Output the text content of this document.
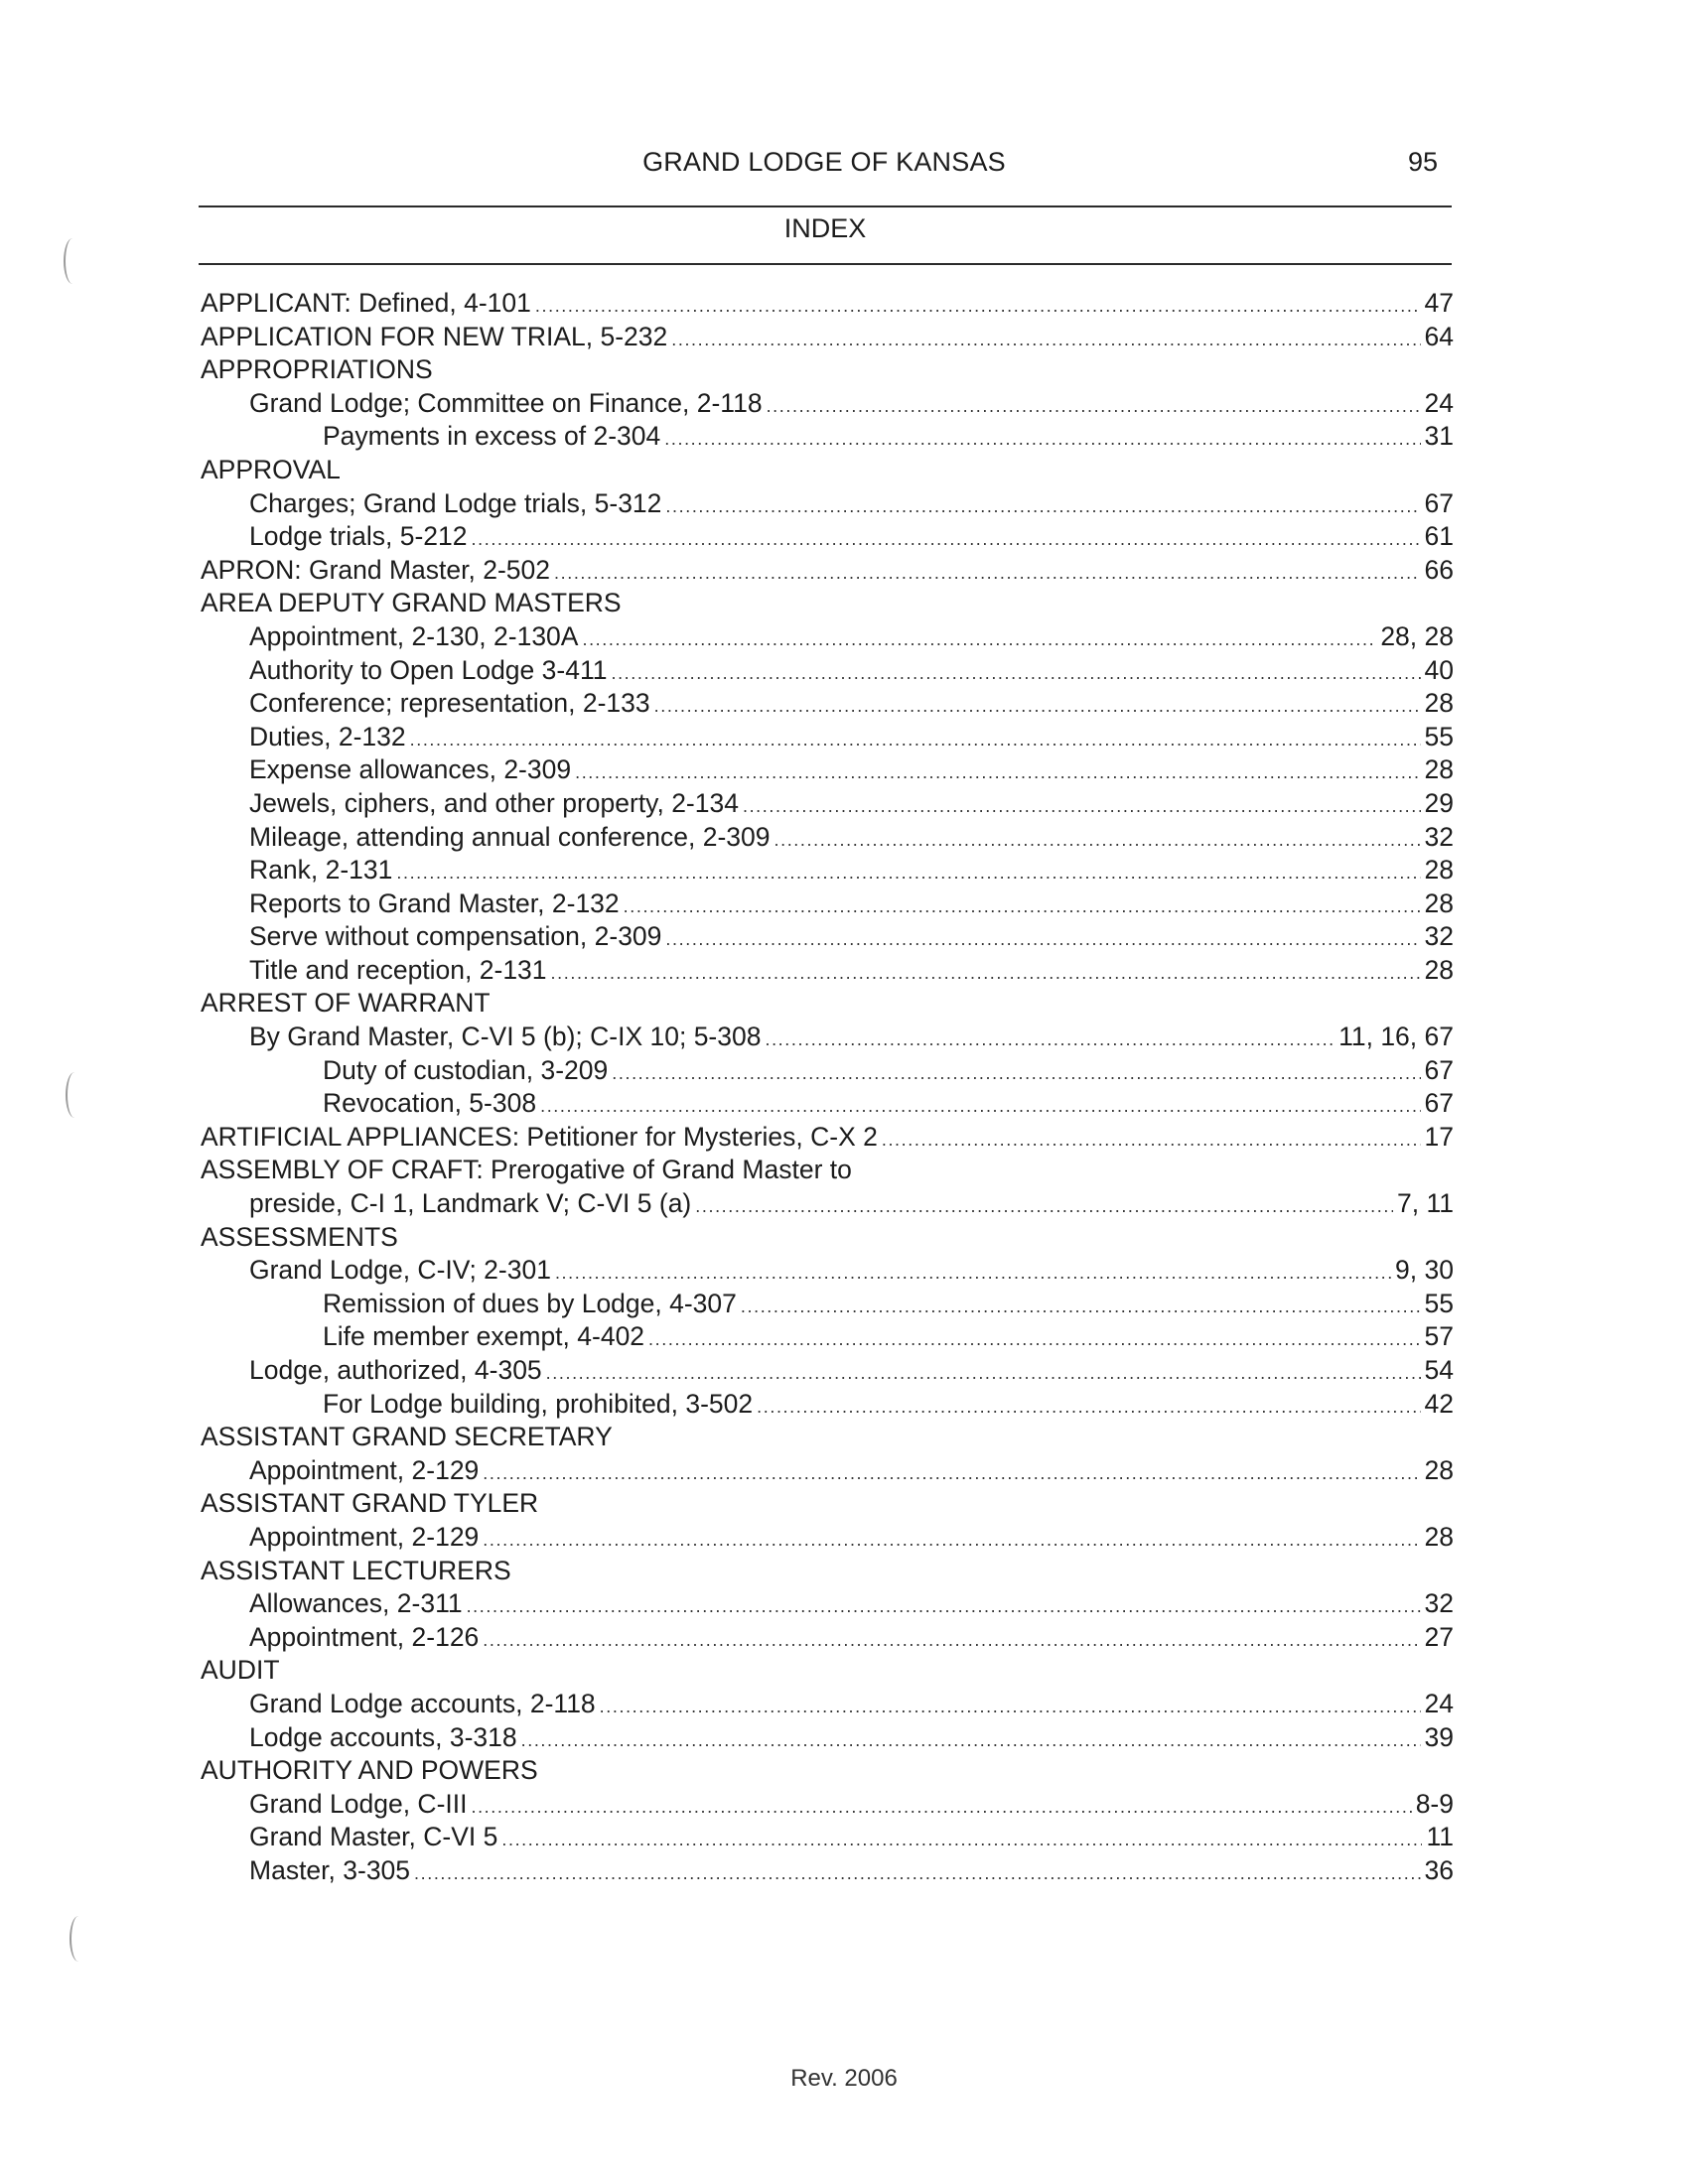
GRAND LODGE OF KANSAS	95
INDEX
APPLICANT: Defined, 4-101 .....	47
APPLICATION FOR NEW TRIAL, 5-232 .....	64
APPROPRIATIONS
Grand Lodge; Committee on Finance, 2-118 .....	24
Payments in excess of 2-304 .....	31
APPROVAL
Charges; Grand Lodge trials, 5-312 .....	67
Lodge trials, 5-212 .....	61
APRON: Grand Master, 2-502 .....	66
AREA DEPUTY GRAND MASTERS
Appointment, 2-130, 2-130A .....	28, 28
Authority to Open Lodge 3-411 .....	40
Conference; representation, 2-133 .....	28
Duties, 2-132 .....	55
Expense allowances, 2-309 .....	28
Jewels, ciphers, and other property, 2-134 .....	29
Mileage, attending annual conference, 2-309 .....	32
Rank, 2-131 .....	28
Reports to Grand Master, 2-132 .....	28
Serve without compensation, 2-309 .....	32
Title and reception, 2-131 .....	28
ARREST OF WARRANT
By Grand Master, C-VI 5 (b); C-IX 10; 5-308 .....	11, 16, 67
Duty of custodian, 3-209 .....	67
Revocation, 5-308 .....	67
ARTIFICIAL APPLIANCES: Petitioner for Mysteries, C-X 2 .....	17
ASSEMBLY OF CRAFT: Prerogative of Grand Master to
preside, C-I 1, Landmark V; C-VI 5 (a) .....	7, 11
ASSESSMENTS
Grand Lodge, C-IV; 2-301 .....	9, 30
Remission of dues by Lodge, 4-307 .....	55
Life member exempt, 4-402 .....	57
Lodge, authorized, 4-305 .....	54
For Lodge building, prohibited, 3-502 .....	42
ASSISTANT GRAND SECRETARY
Appointment, 2-129 .....	28
ASSISTANT GRAND TYLER
Appointment, 2-129 .....	28
ASSISTANT LECTURERS
Allowances, 2-311 .....	32
Appointment, 2-126 .....	27
AUDIT
Grand Lodge accounts, 2-118 .....	24
Lodge accounts, 3-318 .....	39
AUTHORITY AND POWERS
Grand Lodge, C-III .....	8-9
Grand Master, C-VI 5 .....	11
Master, 3-305 .....	36
Rev. 2006
